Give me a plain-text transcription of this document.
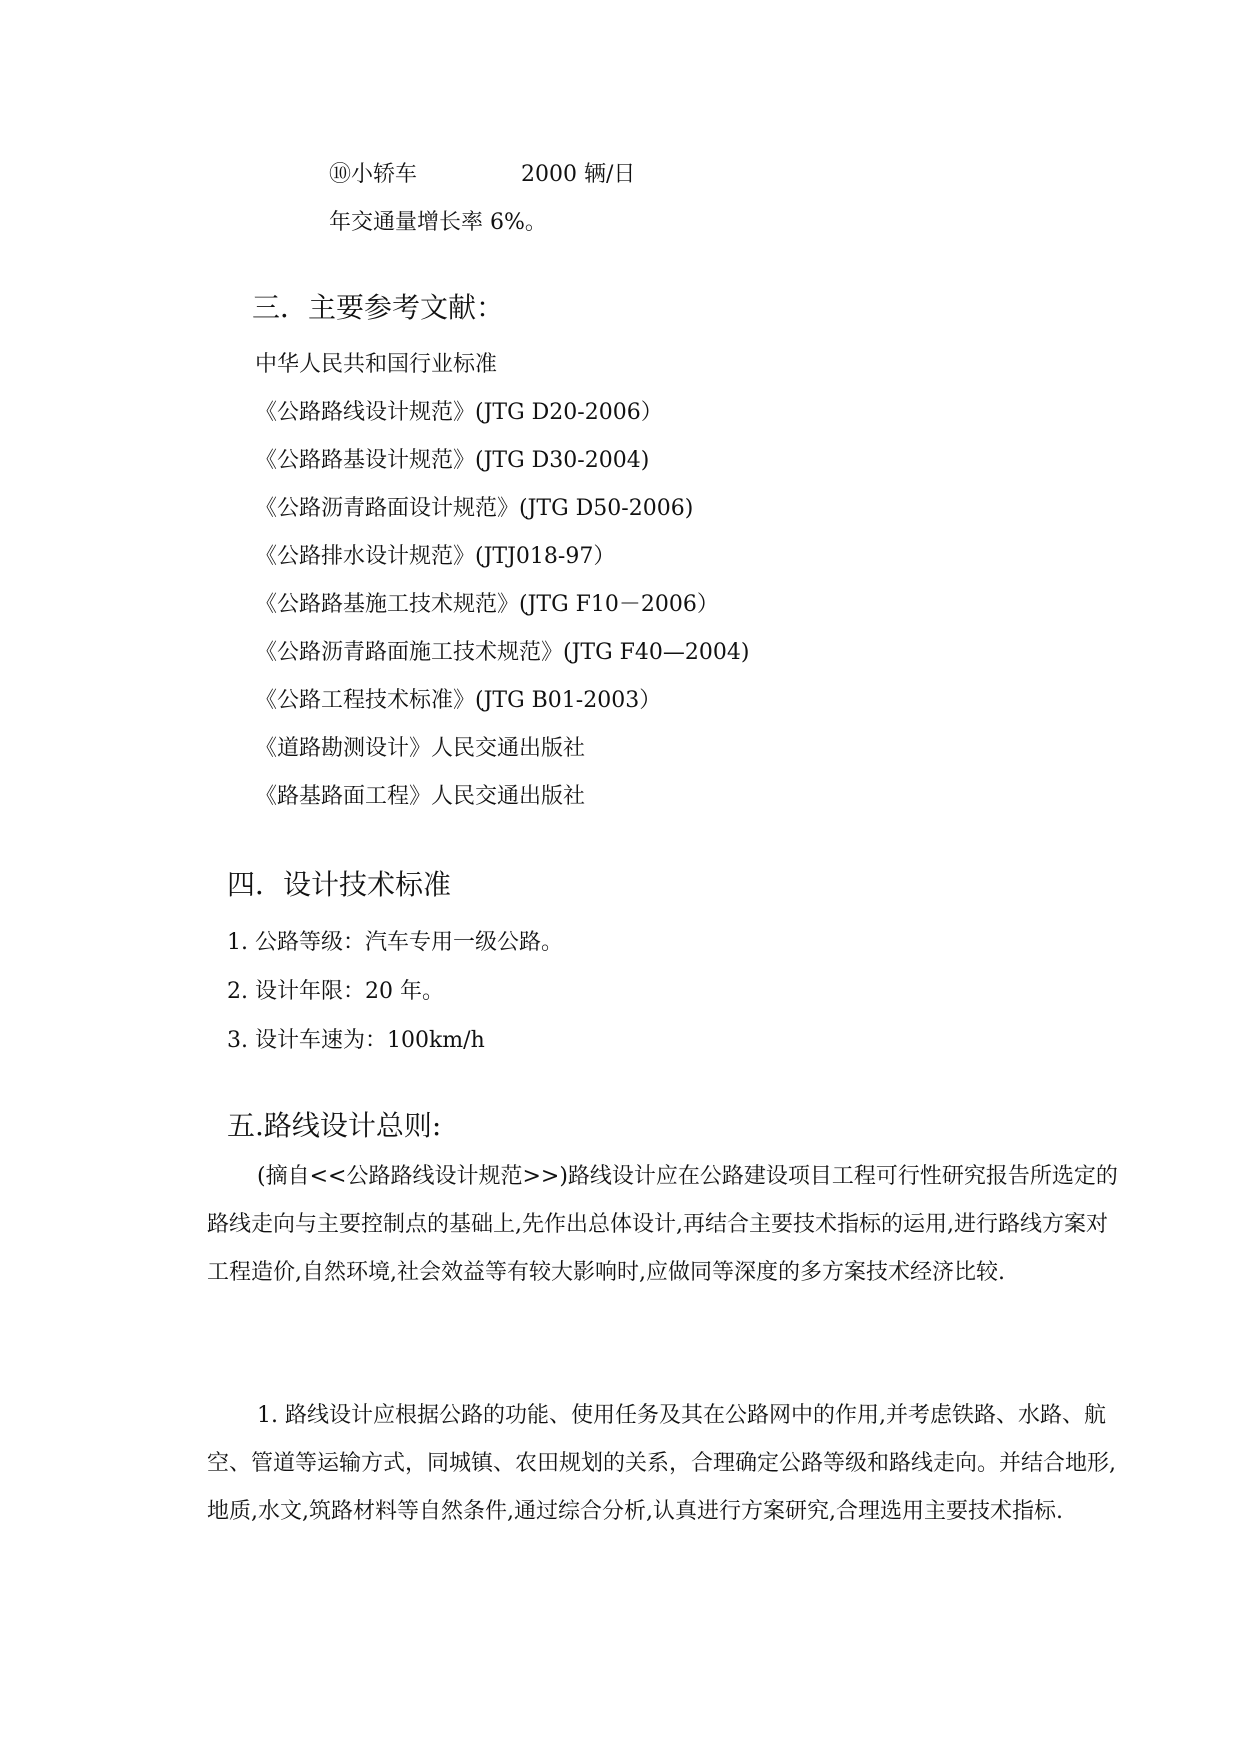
⑩小轿车	2000 辆/日
年交通量增长率 6%。
三．主要参考文献：
中华人民共和国行业标准
《公路路线设计规范》(JTG D20-2006）
《公路路基设计规范》(JTG D30-2004)
《公路沥青路面设计规范》(JTG D50-2006)
《公路排水设计规范》(JTJ018-97）
《公路路基施工技术规范》(JTG F10－2006）
《公路沥青路面施工技术规范》(JTG F40—2004)
《公路工程技术标准》(JTG B01-2003）
《道路勘测设计》人民交通出版社
《路基路面工程》人民交通出版社
四．设计技术标准
1. 公路等级：汽车专用一级公路。
2. 设计年限：20 年。
3. 设计车速为：100km/h
五.路线设计总则:
(摘自<<公路路线设计规范>>)路线设计应在公路建设项目工程可行性研究报告所选定的路线走向与主要控制点的基础上,先作出总体设计,再结合主要技术指标的运用,进行路线方案对工程造价,自然环境,社会效益等有较大影响时,应做同等深度的多方案技术经济比较.
1. 路线设计应根据公路的功能、使用任务及其在公路网中的作用,并考虑铁路、水路、航空、管道等运输方式，同城镇、农田规划的关系，合理确定公路等级和路线走向。并结合地形,地质,水文,筑路材料等自然条件,通过综合分析,认真进行方案研究,合理选用主要技术指标.
